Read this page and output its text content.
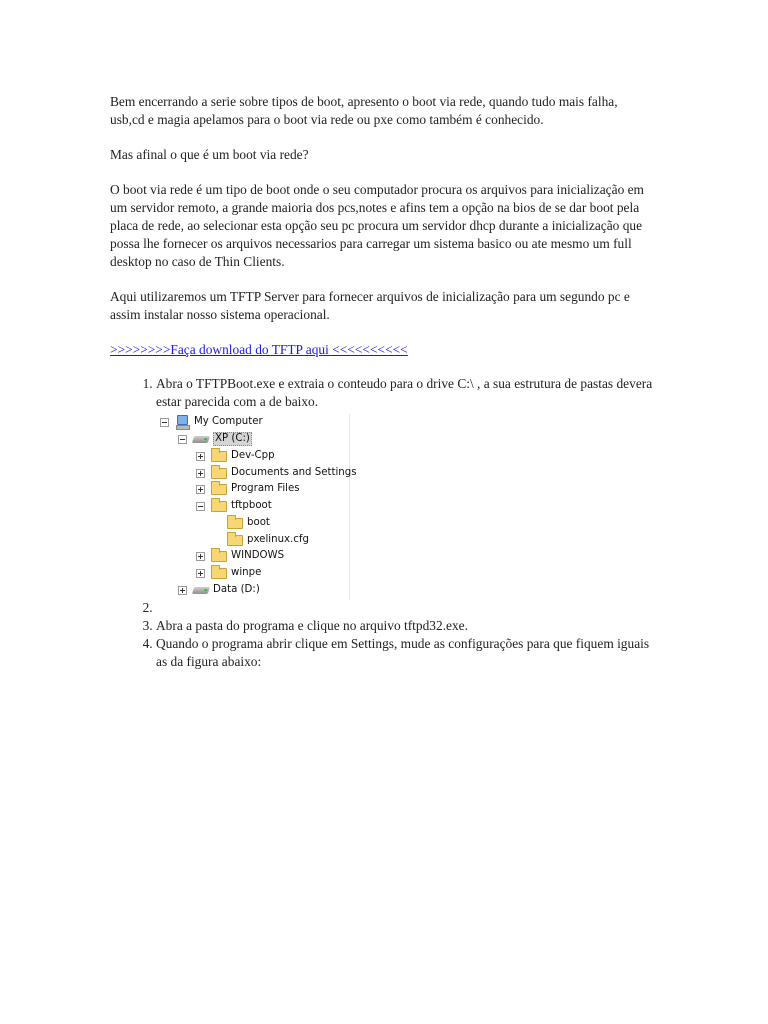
Bem encerrando a serie sobre tipos de boot, apresento o boot via rede, quando tudo mais falha, usb,cd e magia apelamos para o boot via rede ou pxe como também é conhecido.

Mas afinal o que é um boot via rede?

O boot via rede é um tipo de boot onde o seu computador procura os arquivos para inicialização em um servidor remoto, a grande maioria dos pcs,notes e afins tem a opção na bios de se dar boot pela placa de rede, ao selecionar esta opção seu pc procura um servidor dhcp durante a inicialização que possa lhe fornecer os arquivos necessarios para carregar um sistema basico ou ate mesmo um full desktop no caso de Thin Clients.

Aqui utilizaremos um TFTP Server para fornecer arquivos de inicialização para um segundo pc e assim instalar nosso sistema operacional.

>>>>>>>>Faça download do TFTP aqui <<<<<<<<<<

1. Abra o TFTPBoot.exe e extraia o conteudo para o drive C:\ , a sua estrutura de pastas devera estar parecida com a de baixo.
My Computer
XP (C:)
Dev-Cpp
Documents and Settings
Program Files
tftpboot
boot
pxelinux.cfg
WINDOWS
winpe
Data (D:)
2.
3. Abra a pasta do programa e clique no arquivo tftpd32.exe.
4. Quando o programa abrir clique em Settings, mude as configurações para que fiquem iguais as da figura abaixo:
